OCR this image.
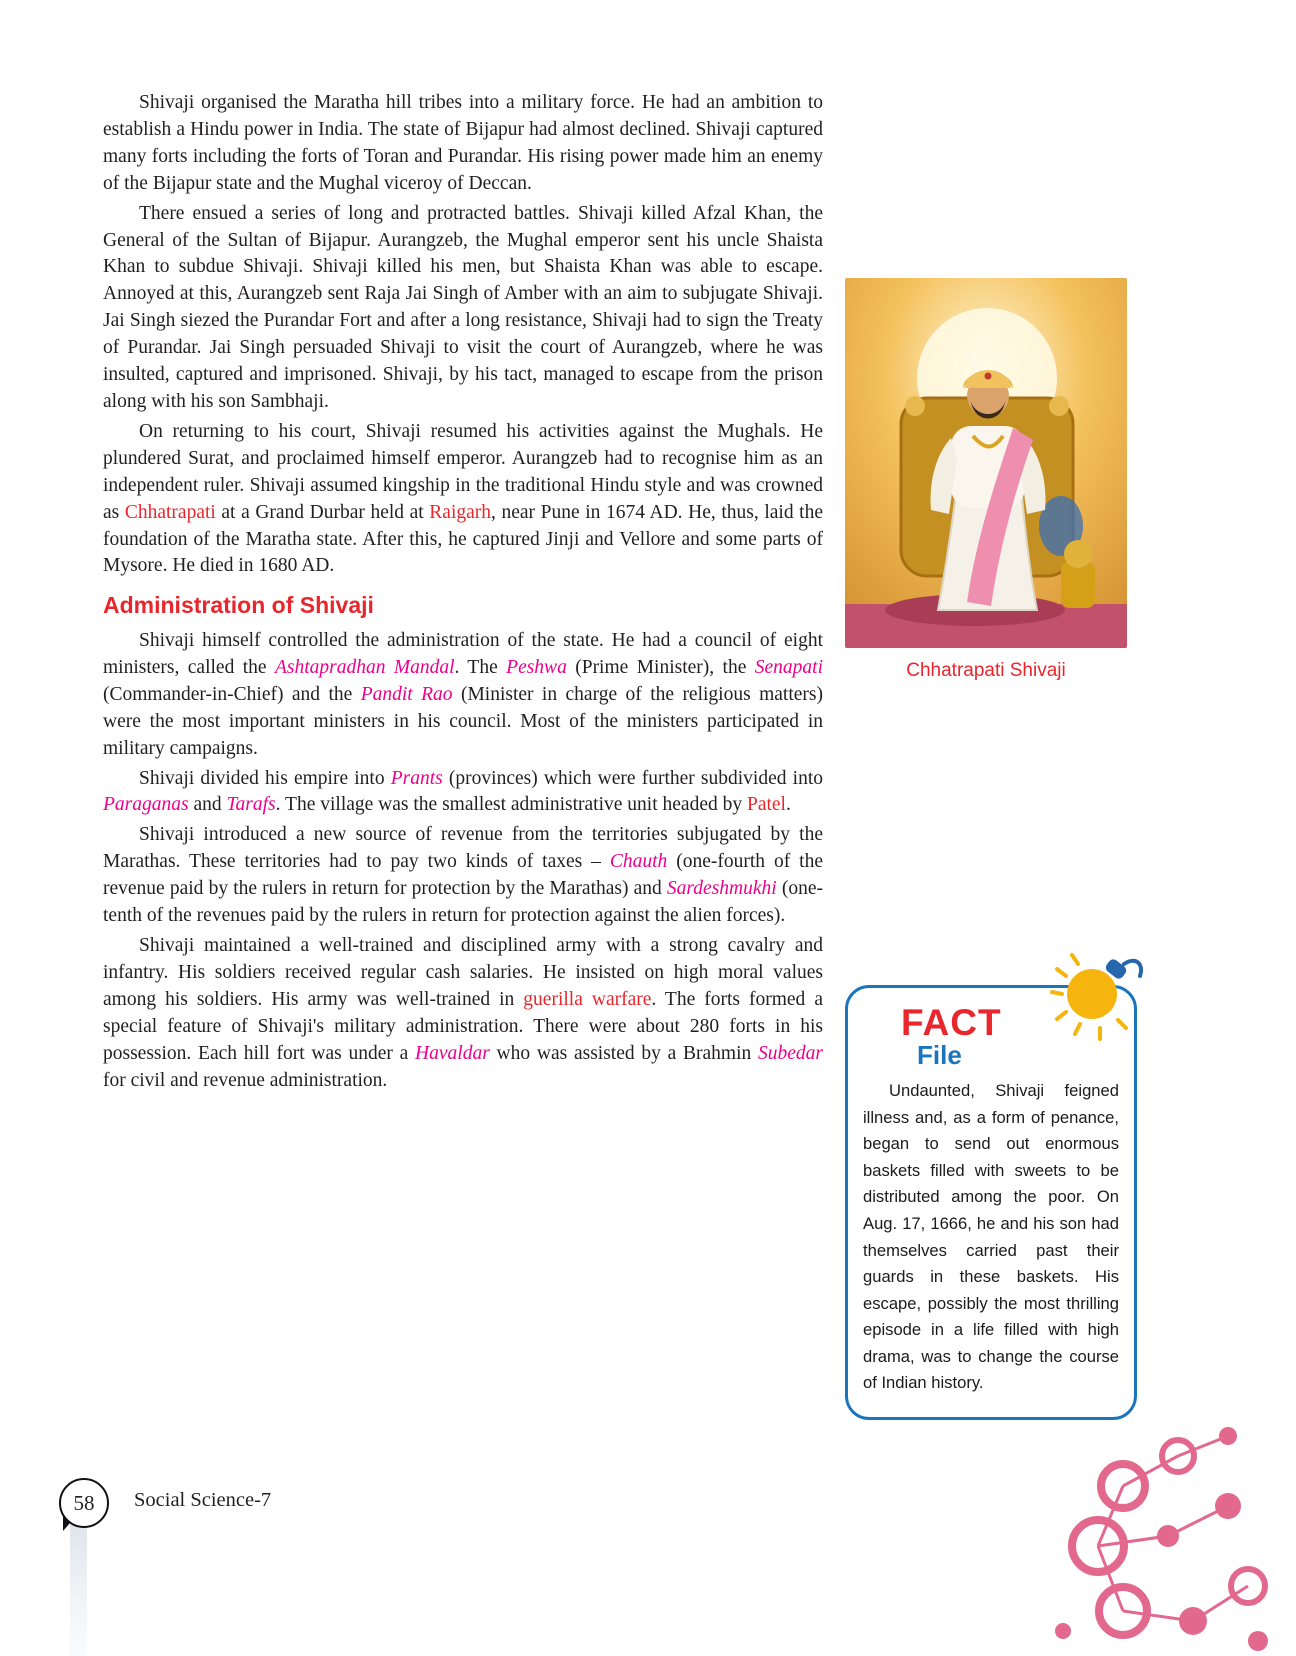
Shivaji organised the Maratha hill tribes into a military force. He had an ambition to establish a Hindu power in India. The state of Bijapur had almost declined. Shivaji captured many forts including the forts of Toran and Purandar. His rising power made him an enemy of the Bijapur state and the Mughal viceroy of Deccan.

There ensued a series of long and protracted battles. Shivaji killed Afzal Khan, the General of the Sultan of Bijapur. Aurangzeb, the Mughal emperor sent his uncle Shaista Khan to subdue Shivaji. Shivaji killed his men, but Shaista Khan was able to escape. Annoyed at this, Aurangzeb sent Raja Jai Singh of Amber with an aim to subjugate Shivaji. Jai Singh siezed the Purandar Fort and after a long resistance, Shivaji had to sign the Treaty of Purandar. Jai Singh persuaded Shivaji to visit the court of Aurangzeb, where he was insulted, captured and imprisoned. Shivaji, by his tact, managed to escape from the prison along with his son Sambhaji.

On returning to his court, Shivaji resumed his activities against the Mughals. He plundered Surat, and proclaimed himself emperor. Aurangzeb had to recognise him as an independent ruler. Shivaji assumed kingship in the traditional Hindu style and was crowned as Chhatrapati at a Grand Durbar held at Raigarh, near Pune in 1674 AD. He, thus, laid the foundation of the Maratha state. After this, he captured Jinji and Vellore and some parts of Mysore. He died in 1680 AD.

Administration of Shivaji

Shivaji himself controlled the administration of the state. He had a council of eight ministers, called the Ashtapradhan Mandal. The Peshwa (Prime Minister), the Senapati (Commander-in-Chief) and the Pandit Rao (Minister in charge of the religious matters) were the most important ministers in his council. Most of the ministers participated in military campaigns.

Shivaji divided his empire into Prants (provinces) which were further subdivided into Paraganas and Tarafs. The village was the smallest administrative unit headed by Patel.

Shivaji introduced a new source of revenue from the territories subjugated by the Marathas. These territories had to pay two kinds of taxes – Chauth (one-fourth of the revenue paid by the rulers in return for protection by the Marathas) and Sardeshmukhi (one-tenth of the revenues paid by the rulers in return for protection against the alien forces).

Shivaji maintained a well-trained and disciplined army with a strong cavalry and infantry. His soldiers received regular cash salaries. He insisted on high moral values among his soldiers. His army was well-trained in guerilla warfare. The forts formed a special feature of Shivaji's military administration. There were about 280 forts in his possession. Each hill fort was under a Havaldar who was assisted by a Brahmin Subedar for civil and revenue administration.

Chhatrapati Shivaji
FACT
File

Undaunted, Shivaji feigned illness and, as a form of penance, began to send out enormous baskets filled with sweets to be distributed among the poor. On Aug. 17, 1666, he and his son had themselves carried past their guards in these baskets. His escape, possibly the most thrilling episode in a life filled with high drama, was to change the course of Indian history.

58	Social Science-7
